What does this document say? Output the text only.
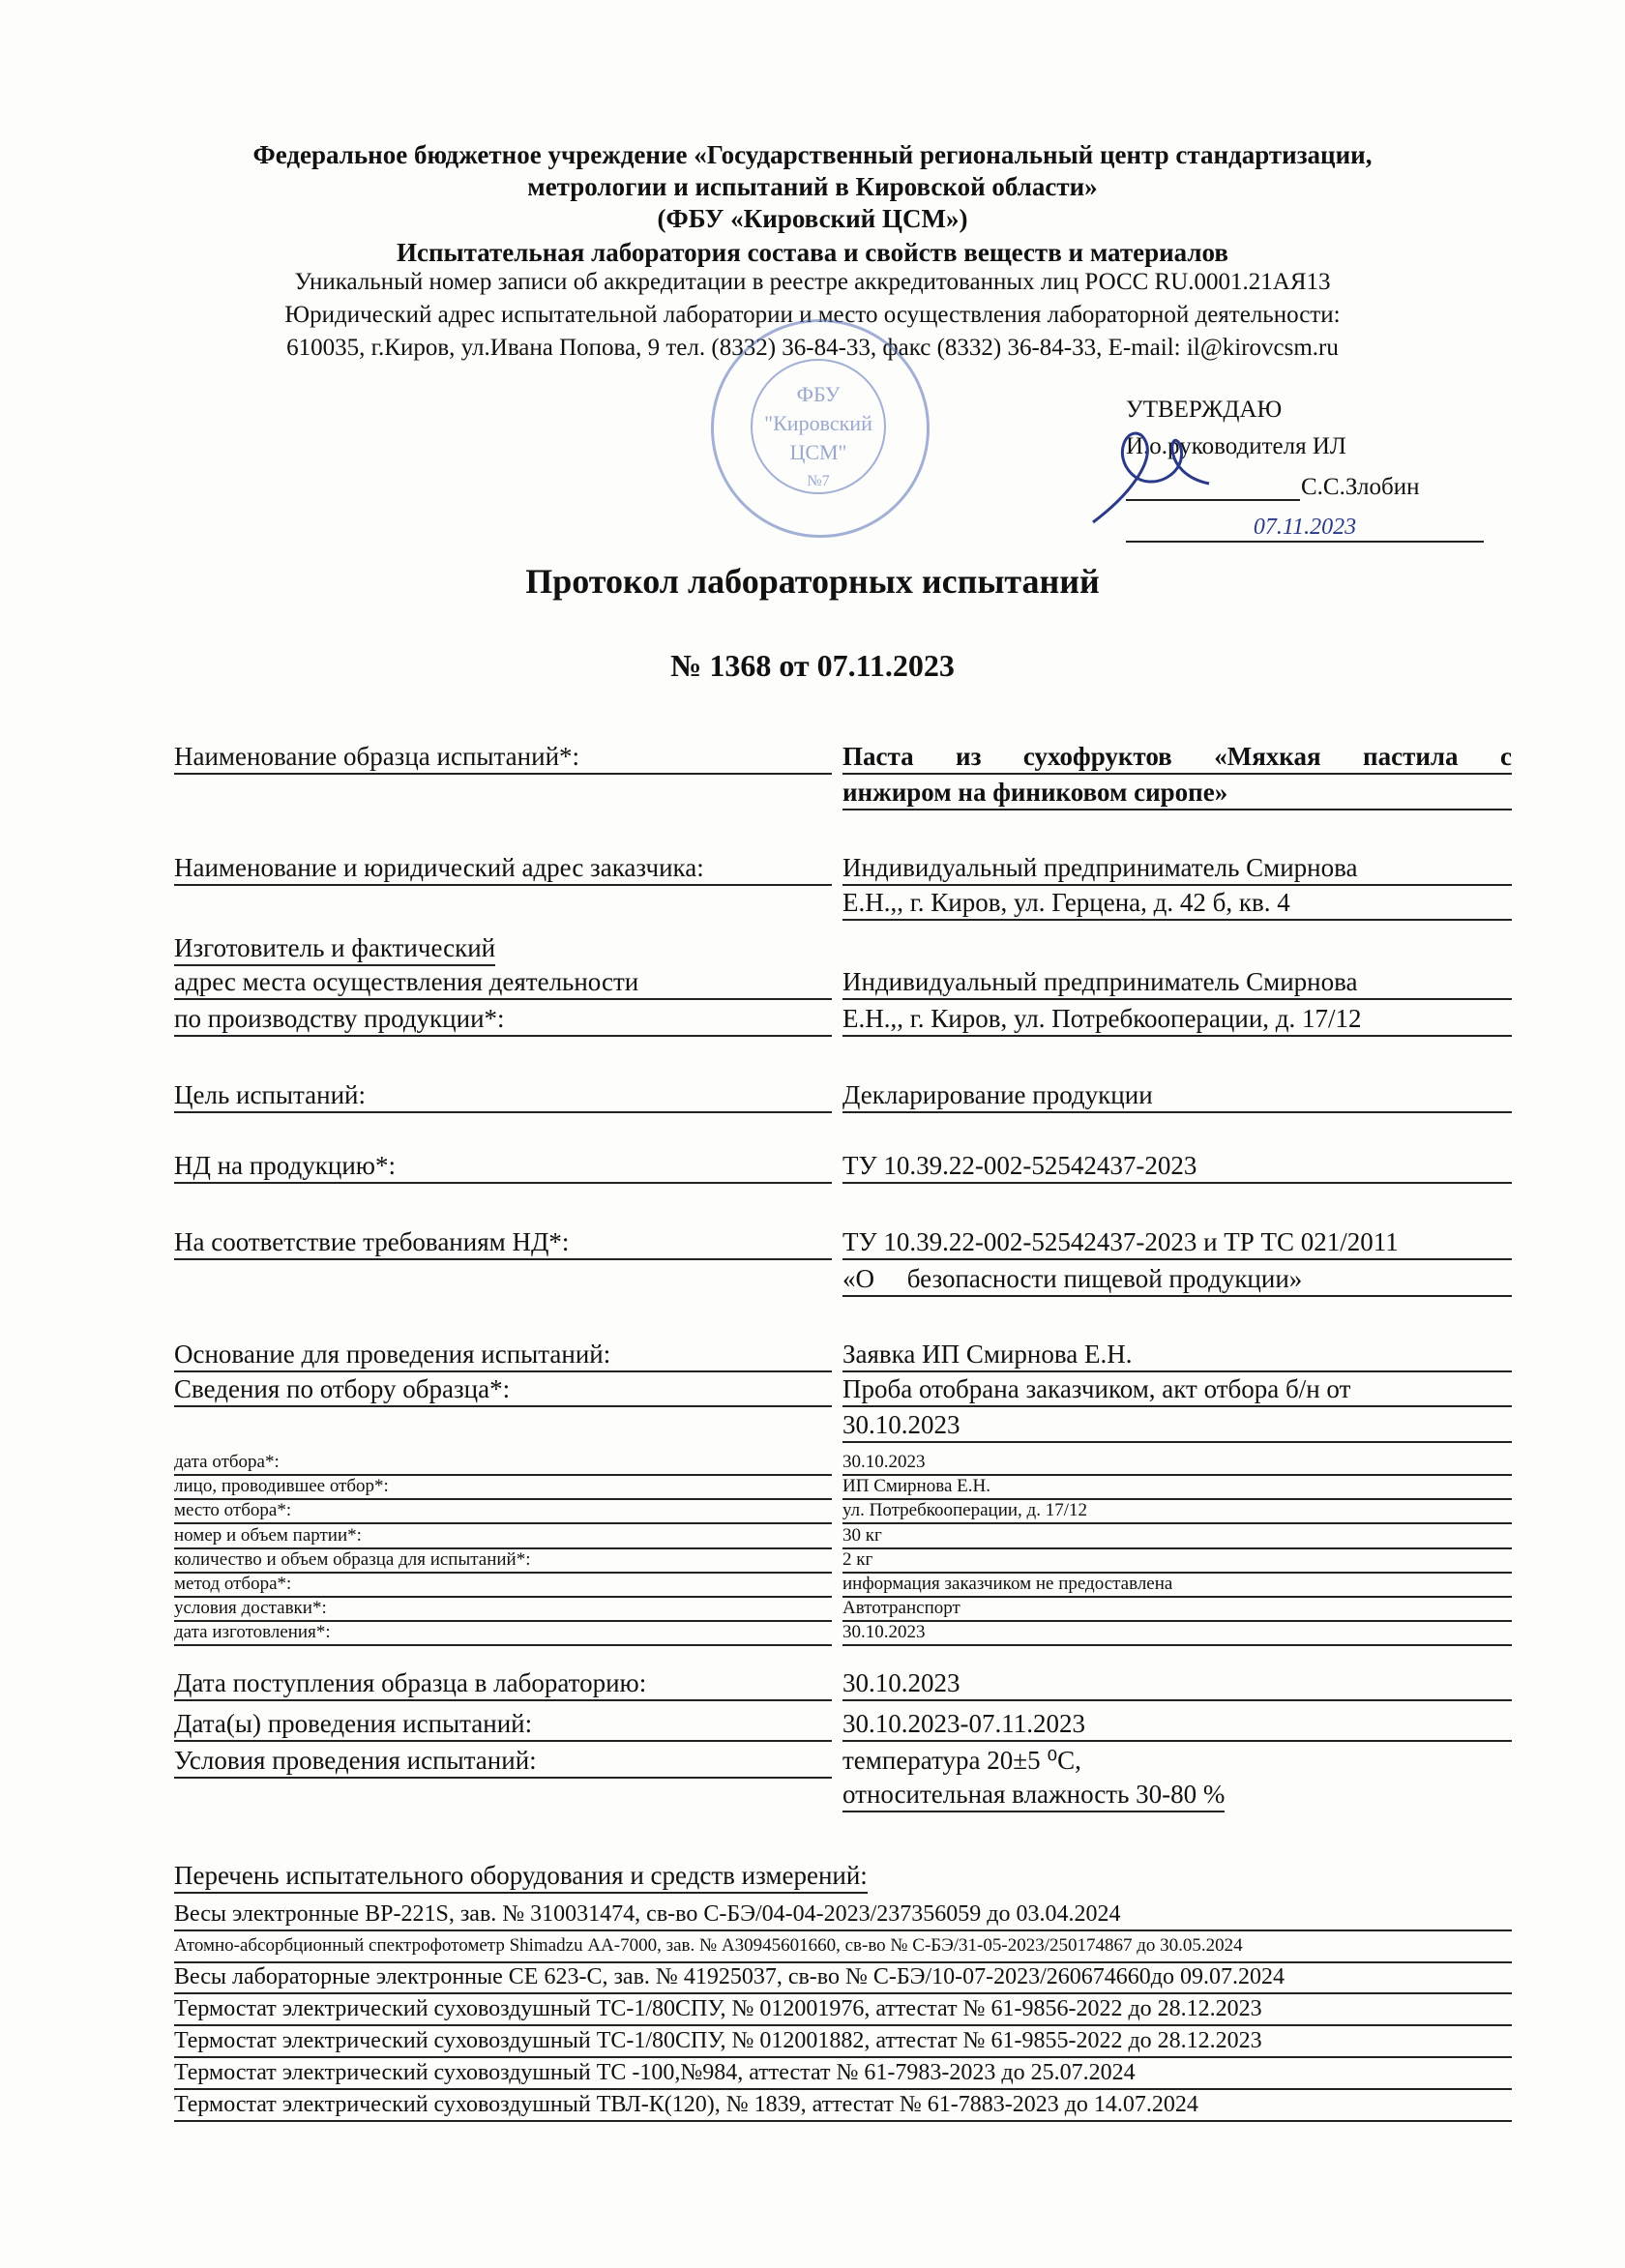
Федеральное бюджетное учреждение «Государственный региональный центр стандартизации,
метрологии и испытаний в Кировской области»
(ФБУ «Кировский ЦСМ»)
Испытательная лаборатория состава и свойств веществ и материалов
Уникальный номер записи об аккредитации в реестре аккредитованных лиц РОСС RU.0001.21АЯ13
Юридический адрес испытательной лаборатории и место осуществления лабораторной деятельности:
610035, г.Киров, ул.Ивана Попова, 9 тел. (8332) 36-84-33, факс (8332) 36-84-33, E-mail: il@kirovcsm.ru
ФБУ
"Кировский
ЦСМ"
№7
УТВЕРЖДАЮ
И.о.руководителя ИЛ
С.С.Злобин
07.11.2023
Протокол лабораторных испытаний
№ 1368 от 07.11.2023
Наименование образца испытаний*:	Паста из сухофруктов «Мяхкая пастила с
инжиром на финиковом сиропе»
Наименование и юридический адрес заказчика:	Индивидуальный предприниматель Смирнова
Е.Н.,, г. Киров, ул. Герцена, д. 42 б, кв. 4
Изготовитель и фактический
адрес места осуществления деятельности	Индивидуальный предприниматель Смирнова
по производству продукции*:	Е.Н.,, г. Киров, ул. Потребкооперации, д. 17/12
Цель испытаний:	Декларирование продукции
НД на продукцию*:	ТУ 10.39.22-002-52542437-2023
На соответствие требованиям НД*:	ТУ 10.39.22-002-52542437-2023 и ТР ТС 021/2011
«О     безопасности пищевой продукции»
Основание для проведения испытаний:	Заявка ИП Смирнова Е.Н.
Сведения по отбору образца*:	Проба отобрана заказчиком, акт отбора б/н от
30.10.2023
дата отбора*:	30.10.2023
лицо, проводившее отбор*:	ИП Смирнова Е.Н.
место отбора*:	ул. Потребкооперации, д. 17/12
номер и объем партии*:	30 кг
количество и объем образца для испытаний*:	2 кг
метод отбора*:	информация заказчиком не предоставлена
условия доставки*:	Автотранспорт
дата изготовления*:	30.10.2023
Дата поступления образца в лабораторию:	30.10.2023
Дата(ы) проведения испытаний:	30.10.2023-07.11.2023
Условия проведения испытаний:	температура 20±5 ⁰С,
относительная влажность 30-80 %
Перечень испытательного оборудования и средств измерений:
Весы электронные ВР-221S, зав. № 310031474, св-во С-БЭ/04-04-2023/237356059 до 03.04.2024
Атомно-абсорбционный спектрофотометр Shimadzu АА-7000, зав. № А30945601660, св-во № С-БЭ/31-05-2023/250174867 до 30.05.2024
Весы лабораторные электронные CE 623-С, зав. № 41925037, св-во № С-БЭ/10-07-2023/260674660до 09.07.2024
Термостат электрический суховоздушный ТС-1/80СПУ, № 012001976, аттестат № 61-9856-2022 до 28.12.2023
Термостат электрический суховоздушный ТС-1/80СПУ, № 012001882, аттестат № 61-9855-2022 до 28.12.2023
Термостат электрический суховоздушный ТС -100,№984, аттестат № 61-7983-2023 до 25.07.2024
Термостат электрический суховоздушный ТВЛ-К(120), № 1839, аттестат № 61-7883-2023 до 14.07.2024
